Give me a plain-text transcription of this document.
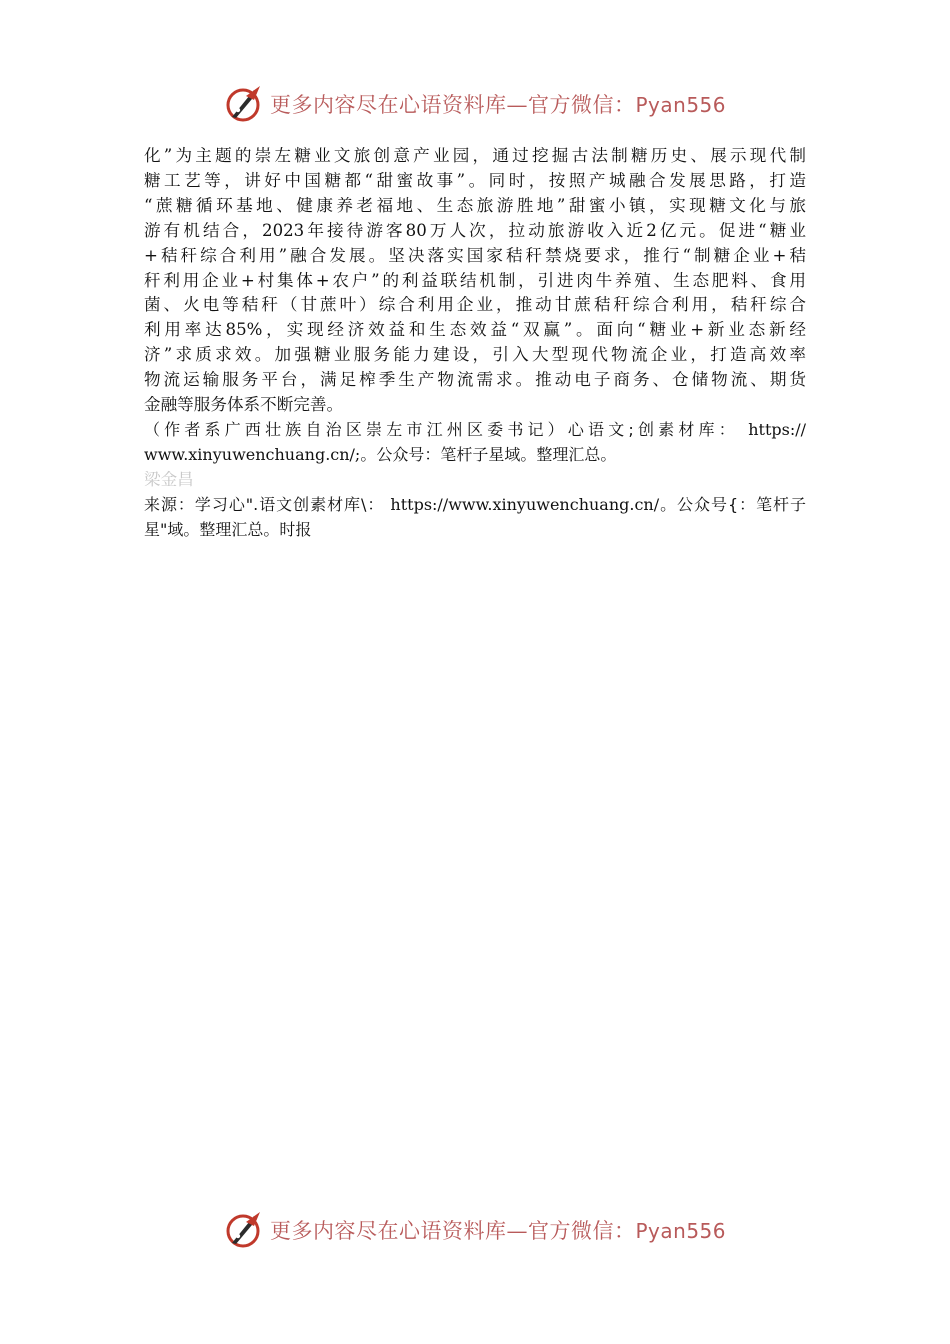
更多内容尽在心语资料库—官方微信：Pyan556

化”为主题的崇左糖业文旅创意产业园，通过挖掘古法制糖历史、展示现代制
糖工艺等，讲好中国糖都“甜蜜故事”。同时，按照产城融合发展思路，打造
“蔗糖循环基地、健康养老福地、生态旅游胜地”甜蜜小镇，实现糖文化与旅
游有机结合，2023年接待游客80万人次，拉动旅游收入近2亿元。促进“糖业
+秸秆综合利用”融合发展。坚决落实国家秸秆禁烧要求，推行“制糖企业+秸
秆利用企业+村集体+农户”的利益联结机制，引进肉牛养殖、生态肥料、食用
菌、火电等秸秆（甘蔗叶）综合利用企业，推动甘蔗秸秆综合利用，秸秆综合
利用率达85%，实现经济效益和生态效益“双赢”。面向“糖业+新业态新经
济”求质求效。加强糖业服务能力建设，引入大型现代物流企业，打造高效率
物流运输服务平台，满足榨季生产物流需求。推动电子商务、仓储物流、期货
金融等服务体系不断完善。

（作者系广西壮族自治区崇左市江州区委书记）心语文;创素材库： https://
www.xinyuwenchuang.cn/;。公众号：笔杆子星域。整理汇总。

梁金昌

来源：学习心".语文创素材库\： https://www.xinyuwenchuang.cn/。公众号{：笔杆子
星"域。整理汇总。时报

更多内容尽在心语资料库—官方微信：Pyan556
